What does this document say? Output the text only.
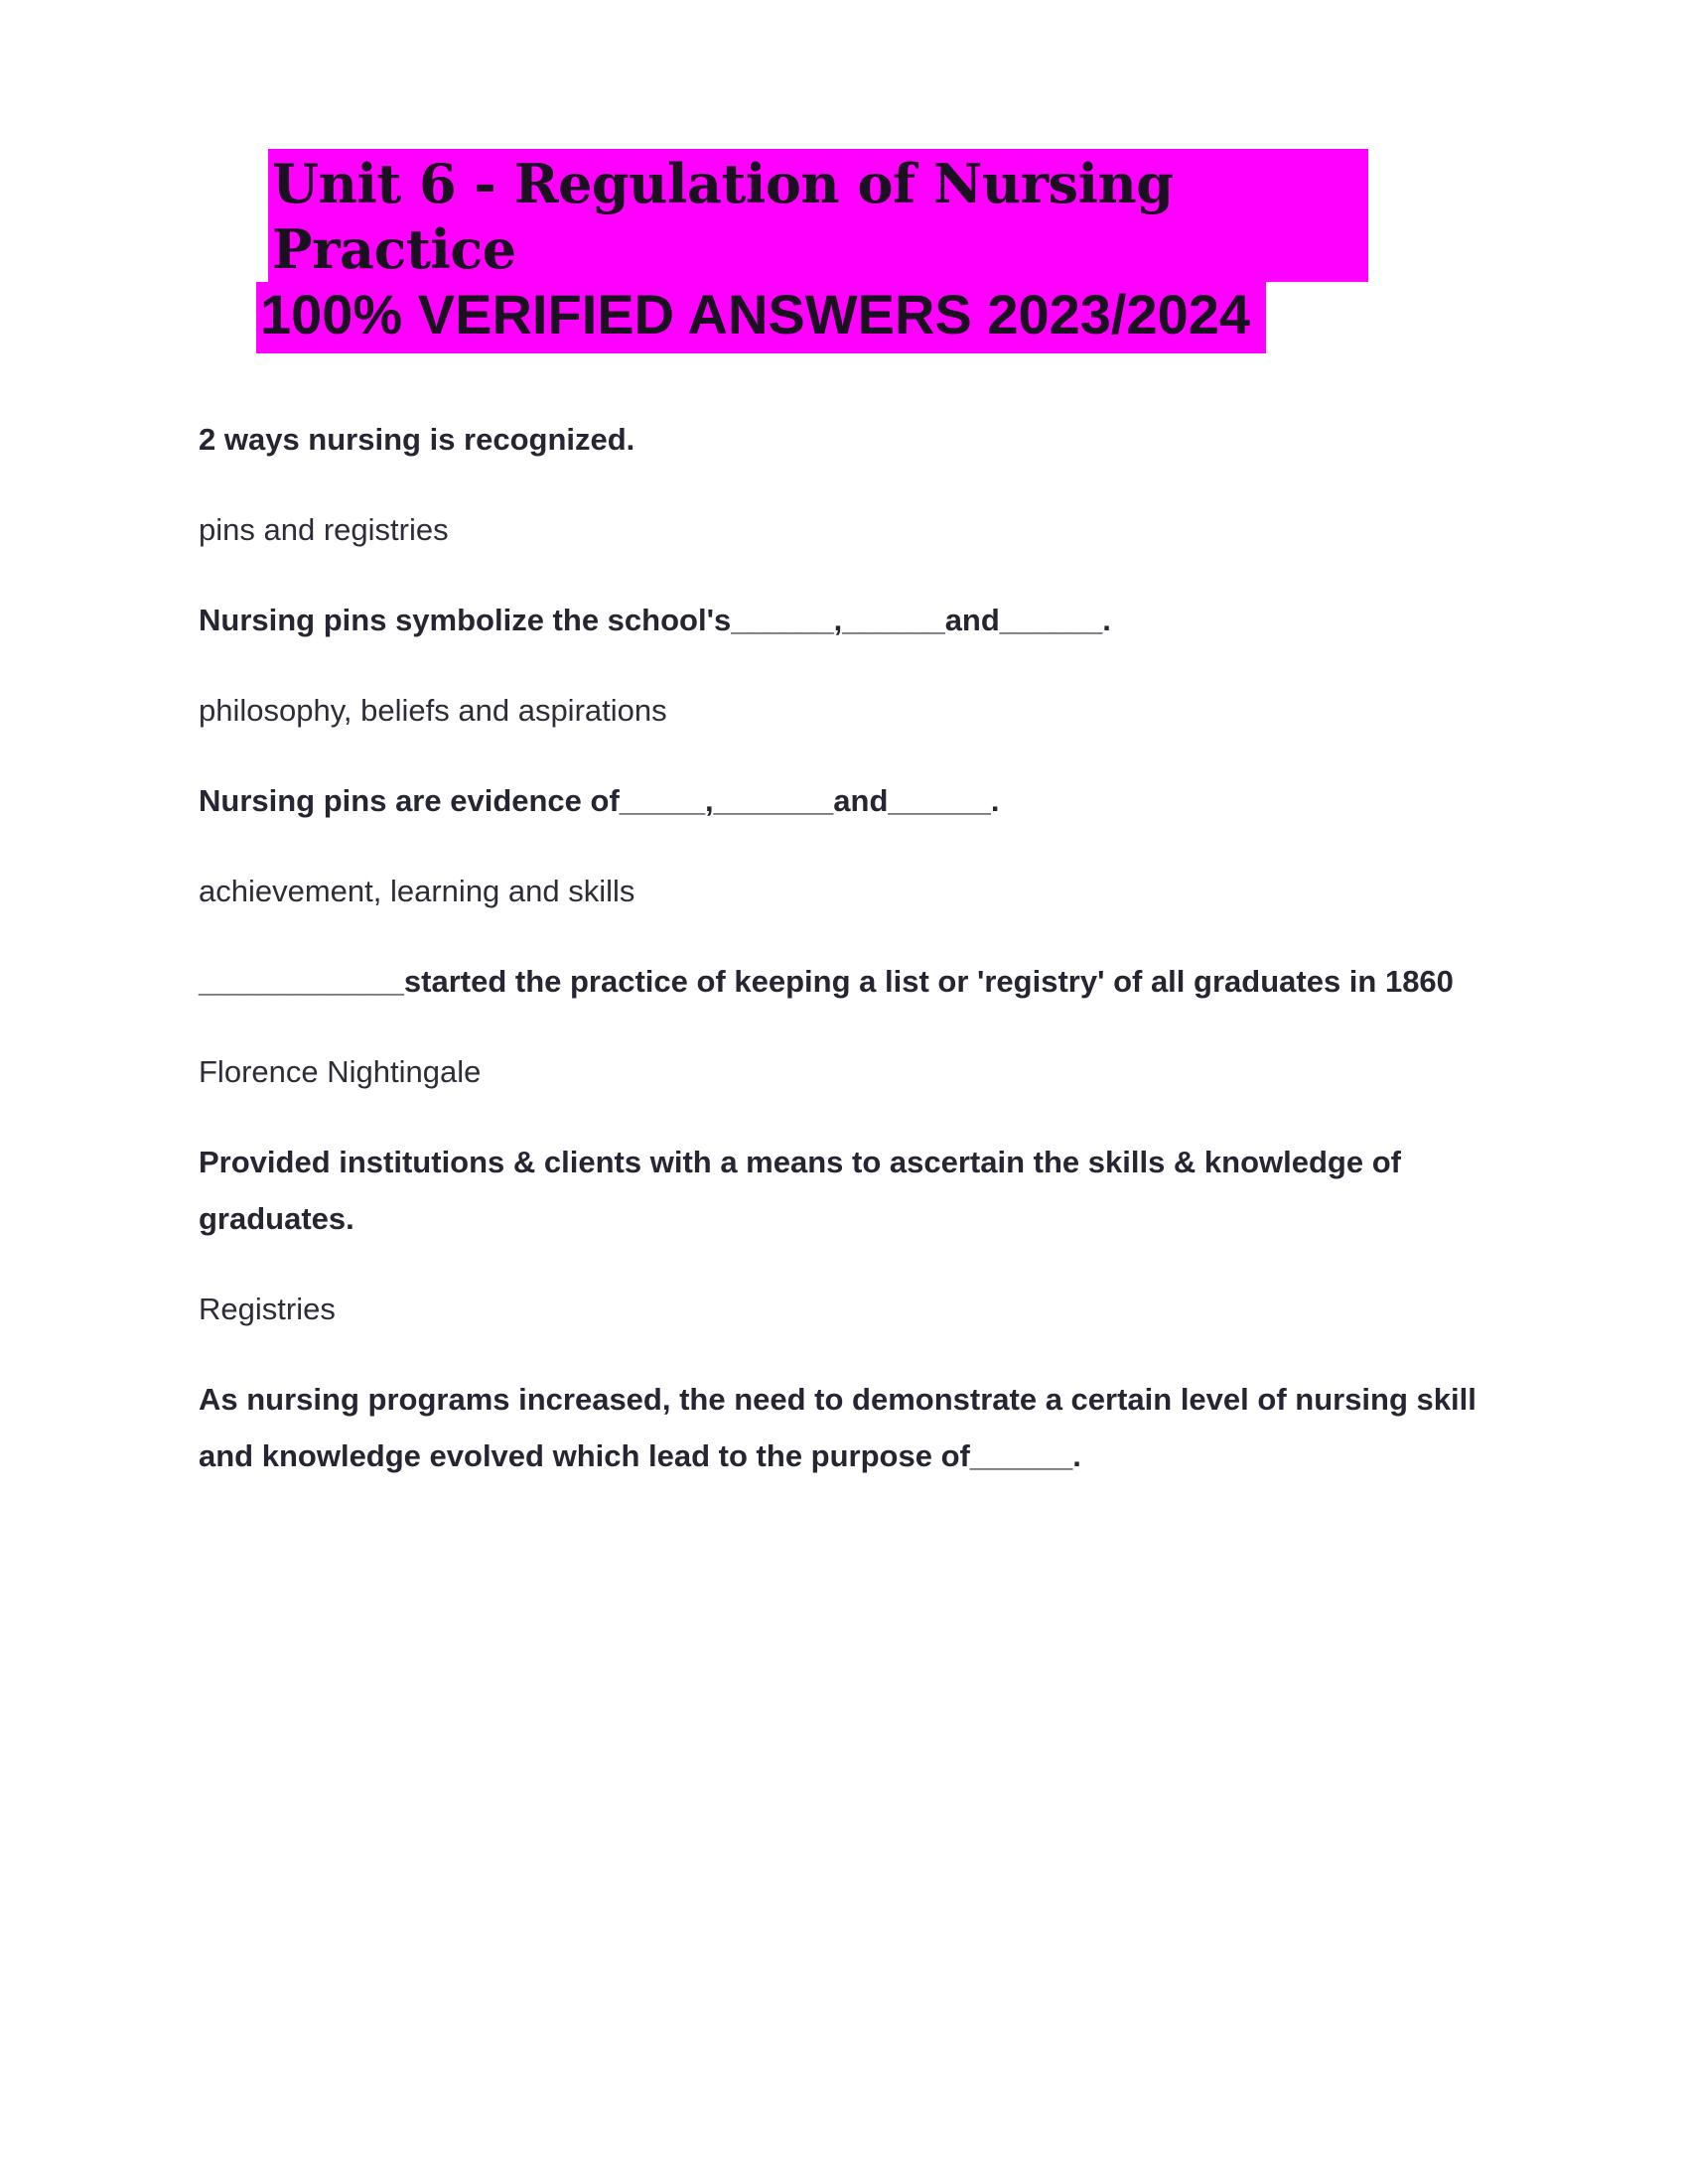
Unit 6 - Regulation of Nursing Practice
100% VERIFIED ANSWERS 2023/2024
2 ways nursing is recognized.
pins and registries
Nursing pins symbolize the school's______,______and______.
philosophy, beliefs and aspirations
Nursing pins are evidence of_____,_______and______.
achievement, learning and skills
____________started the practice of keeping a list or 'registry' of all graduates in 1860
Florence Nightingale
Provided institutions & clients with a means to ascertain the skills & knowledge of graduates.
Registries
As nursing programs increased, the need to demonstrate a certain level of nursing skill and knowledge evolved which lead to the purpose of______.
